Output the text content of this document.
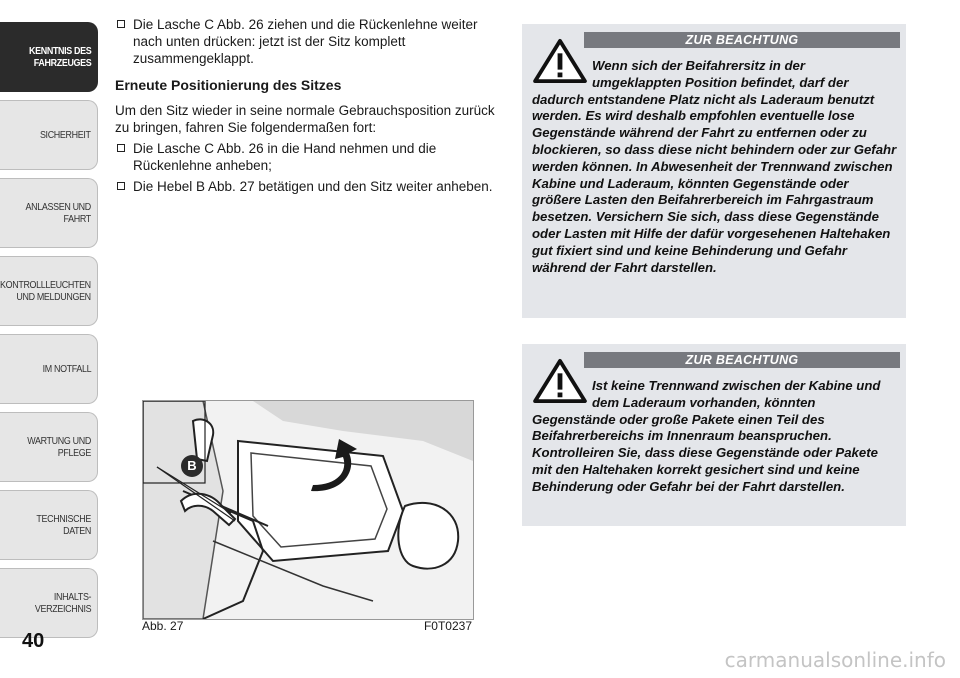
KENNTNIS DES
FAHRZEUGES
SICHERHEIT
ANLASSEN UND
FAHRT
KONTROLLLEUCHTEN
UND MELDUNGEN
IM NOTFALL
WARTUNG UND
PFLEGE
TECHNISCHE DATEN
INHALTS-
VERZEICHNIS
40

Die Lasche C Abb. 26 ziehen und die Rückenlehne weiter nach unten drücken: jetzt ist der Sitz komplett zusammengeklappt.

Erneute Positionierung des Sitzes

Um den Sitz wieder in seine normale Gebrauchsposition zurück zu bringen, fahren Sie folgendermaßen fort:

Die Lasche C Abb. 26 in die Hand nehmen und die Rückenlehne anheben;

Die Hebel B Abb. 27 betätigen und den Sitz weiter anheben.

B
Abb. 27	F0T0237
ZUR BEACHTUNG
Wenn sich der Beifahrersitz in der umgeklappten Position befindet, darf der dadurch entstandene Platz nicht als Laderaum benutzt werden. Es wird deshalb empfohlen eventuelle lose Gegenstände während der Fahrt zu entfernen oder zu blockieren, so dass diese nicht behindern oder zur Gefahr werden können. In Abwesenheit der Trennwand zwischen Kabine und Laderaum, könnten Gegenstände oder größere Lasten den Beifahrerbereich im Fahrgastraum besetzen. Versichern Sie sich, dass diese Gegenstände oder Lasten mit Hilfe der dafür vorgesehenen Haltehaken gut fixiert sind und keine Behinderung und Gefahr während der Fahrt darstellen.
ZUR BEACHTUNG
Ist keine Trennwand zwischen der Kabine und dem Laderaum vorhanden, könnten Gegenstände oder große Pakete einen Teil des Beifahrerbereichs im Innenraum beanspruchen. Kontrolleiren Sie, dass diese Gegenstände oder Pakete mit den Haltehaken korrekt gesichert sind und keine Behinderung oder Gefahr bei der Fahrt darstellen.
carmanualsonline.info
